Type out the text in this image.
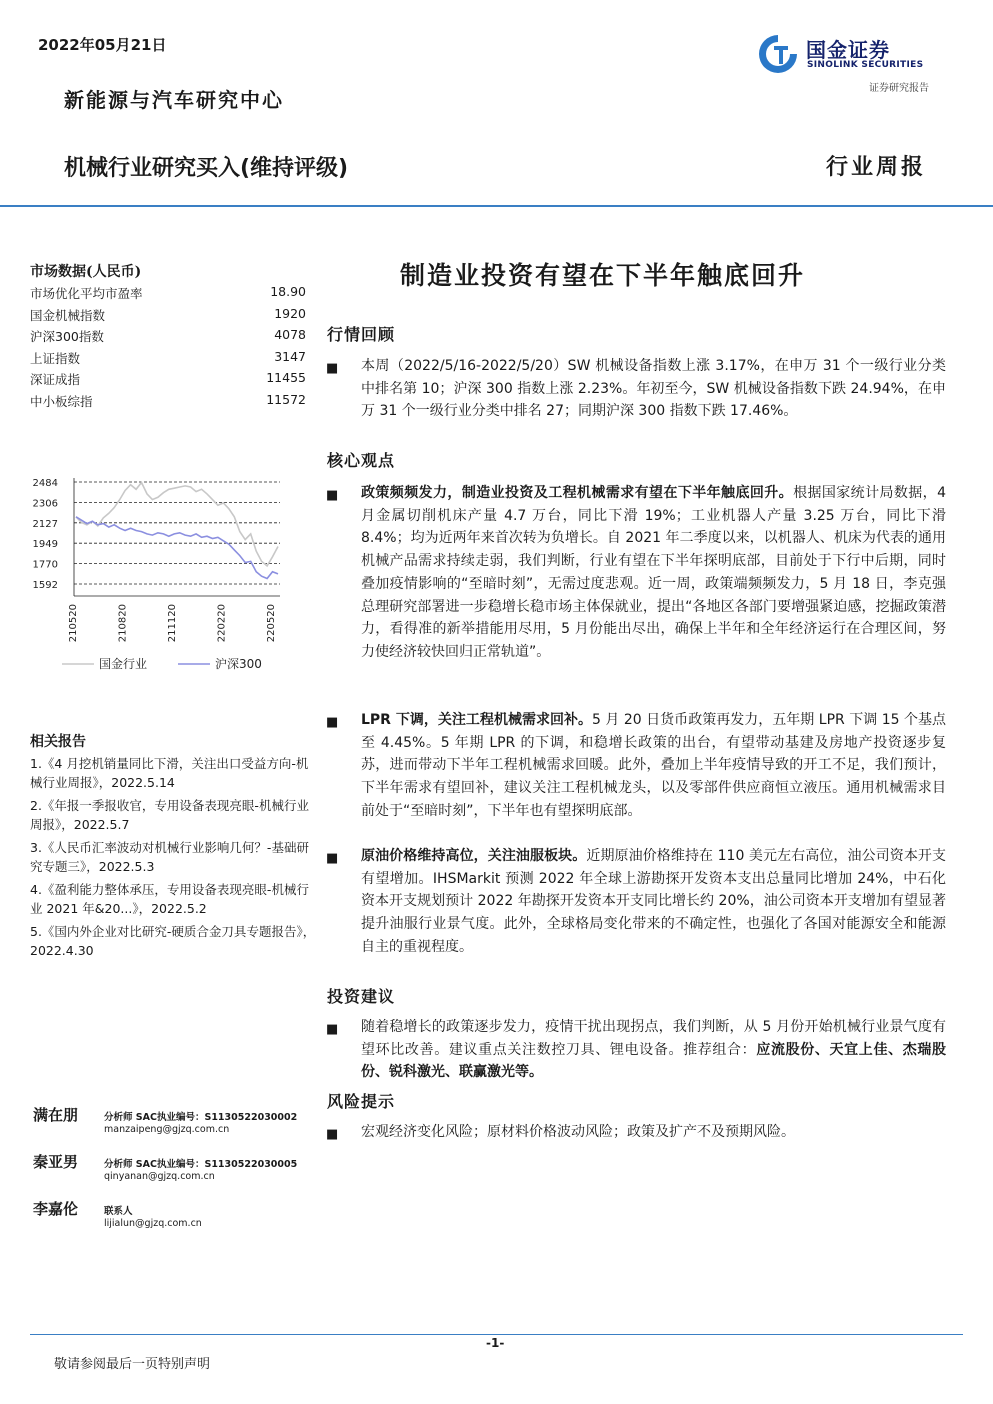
2022年05月21日
新能源与汽车研究中心
机械行业研究买入(维持评级)	行业周报
国金证券
SINOLINK SECURITIES
证券研究报告
市场数据(人民币)
市场优化平均市盈率	18.90
国金机械指数	1920
沪深300指数	4078
上证指数	3147
深证成指	11455
中小板综指	11572
2484
2306
2127
1949
1770
1592
210520	210820	211120	220220	220520
国金行业	沪深300
相关报告
1.《4 月挖机销量同比下滑，关注出口受益方向-机械行业周报》，2022.5.14
2.《年报一季报收官，专用设备表现亮眼-机械行业周报》，2022.5.7
3.《人民币汇率波动对机械行业影响几何？-基础研究专题三》，2022.5.3
4.《盈利能力整体承压，专用设备表现亮眼-机械行业 2021 年&20...》，2022.5.2
5.《国内外企业对比研究-硬质合金刀具专题报告》，2022.4.30
满在朋	分析师 SAC执业编号：S1130522030002
manzaipeng@gjzq.com.cn
秦亚男	分析师 SAC执业编号：S1130522030005
qinyanan@gjzq.com.cn
李嘉伦	联系人
lijialun@gjzq.com.cn
制造业投资有望在下半年触底回升
行情回顾
■ 本周（2022/5/16-2022/5/20）SW 机械设备指数上涨 3.17%，在申万 31 个一级行业分类中排名第 10；沪深 300 指数上涨 2.23%。年初至今，SW 机械设备指数下跌 24.94%，在申万 31 个一级行业分类中排名 27；同期沪深 300 指数下跌 17.46%。
核心观点
■ 政策频频发力，制造业投资及工程机械需求有望在下半年触底回升。根据国家统计局数据，4 月金属切削机床产量 4.7 万台，同比下滑 19%；工业机器人产量 3.25 万台，同比下滑 8.4%；均为近两年来首次转为负增长。自 2021 年二季度以来，以机器人、机床为代表的通用机械产品需求持续走弱，我们判断，行业有望在下半年探明底部，目前处于下行中后期，同时叠加疫情影响的“至暗时刻”，无需过度悲观。近一周，政策端频频发力，5 月 18 日，李克强总理研究部署进一步稳增长稳市场主体保就业，提出“各地区各部门要增强紧迫感，挖掘政策潜力，看得准的新举措能用尽用，5 月份能出尽出，确保上半年和全年经济运行在合理区间，努力使经济较快回归正常轨道”。
■ LPR 下调，关注工程机械需求回补。5 月 20 日货币政策再发力，五年期 LPR 下调 15 个基点至 4.45%。5 年期 LPR 的下调，和稳增长政策的出台，有望带动基建及房地产投资逐步复苏，进而带动下半年工程机械需求回暖。此外，叠加上半年疫情导致的开工不足，我们预计，下半年需求有望回补，建议关注工程机械龙头，以及零部件供应商恒立液压。通用机械需求目前处于“至暗时刻”，下半年也有望探明底部。
■ 原油价格维持高位，关注油服板块。近期原油价格维持在 110 美元左右高位，油公司资本开支有望增加。IHSMarkit 预测 2022 年全球上游勘探开发资本支出总量同比增加 24%，中石化资本开支规划预计 2022 年勘探开发资本开支同比增长约 20%，油公司资本开支增加有望显著提升油服行业景气度。此外，全球格局变化带来的不确定性，也强化了各国对能源安全和能源自主的重视程度。
投资建议
■ 随着稳增长的政策逐步发力，疫情干扰出现拐点，我们判断，从 5 月份开始机械行业景气度有望环比改善。建议重点关注数控刀具、锂电设备。推荐组合：应流股份、天宜上佳、杰瑞股份、锐科激光、联赢激光等。
风险提示
■ 宏观经济变化风险；原材料价格波动风险；政策及扩产不及预期风险。
-1-
敬请参阅最后一页特别声明
